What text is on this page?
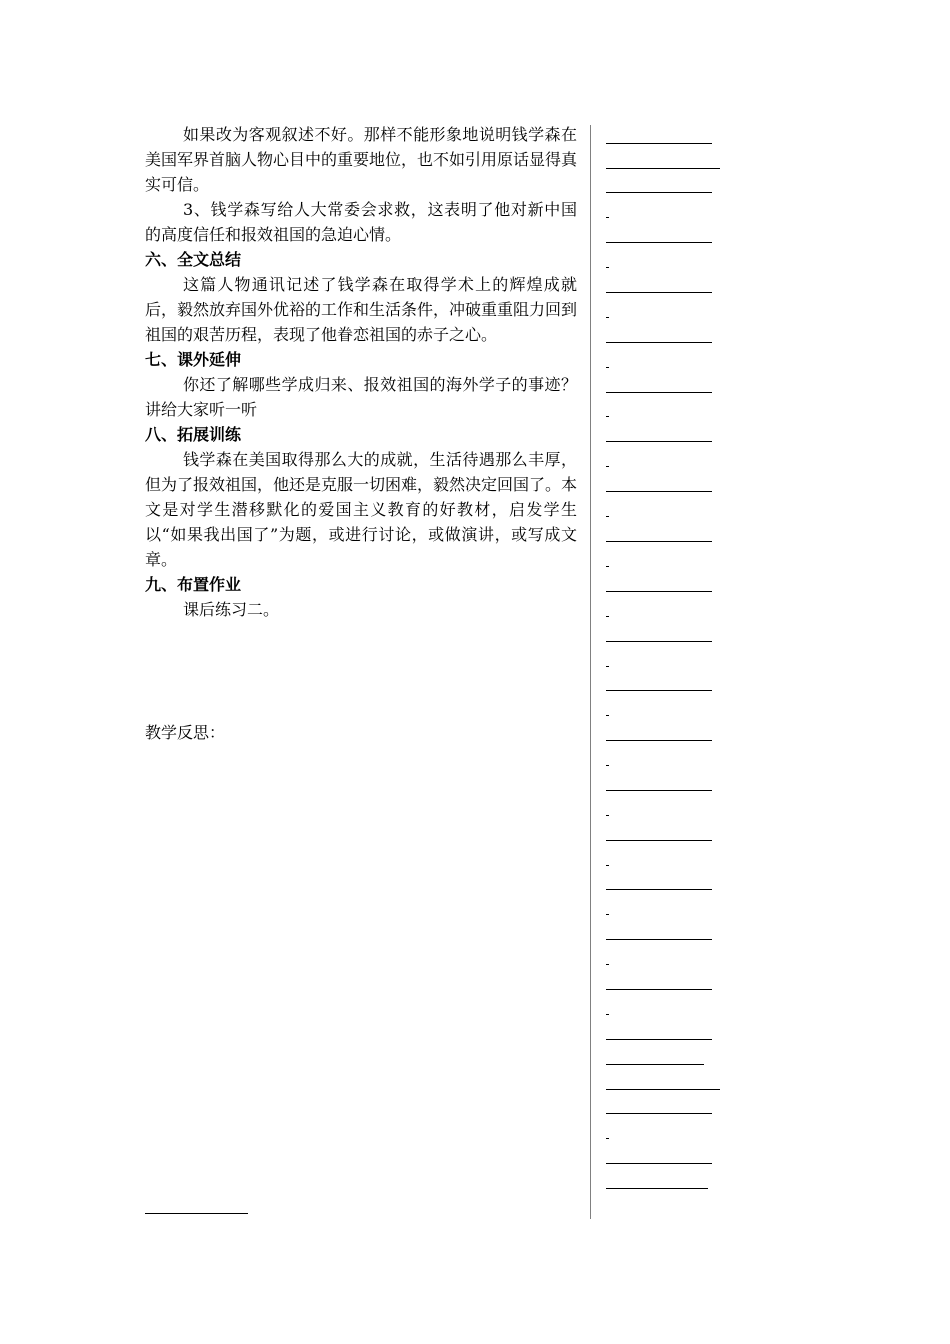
如果改为客观叙述不好。那样不能形象地说明钱学森在美国军界首脑人物心目中的重要地位，也不如引用原话显得真实可信。

3、钱学森写给人大常委会求救，这表明了他对新中国的高度信任和报效祖国的急迫心情。

六、全文总结

这篇人物通讯记述了钱学森在取得学术上的辉煌成就后，毅然放弃国外优裕的工作和生活条件，冲破重重阻力回到祖国的艰苦历程，表现了他眷恋祖国的赤子之心。

七、课外延伸

你还了解哪些学成归来、报效祖国的海外学子的事迹？讲给大家听一听

八、拓展训练

钱学森在美国取得那么大的成就，生活待遇那么丰厚，但为了报效祖国，他还是克服一切困难，毅然决定回国了。本文是对学生潜移默化的爱国主义教育的好教材，启发学生以“如果我出国了”为题，或进行讨论，或做演讲，或写成文章。

九、布置作业

课后练习二。

教学反思：
